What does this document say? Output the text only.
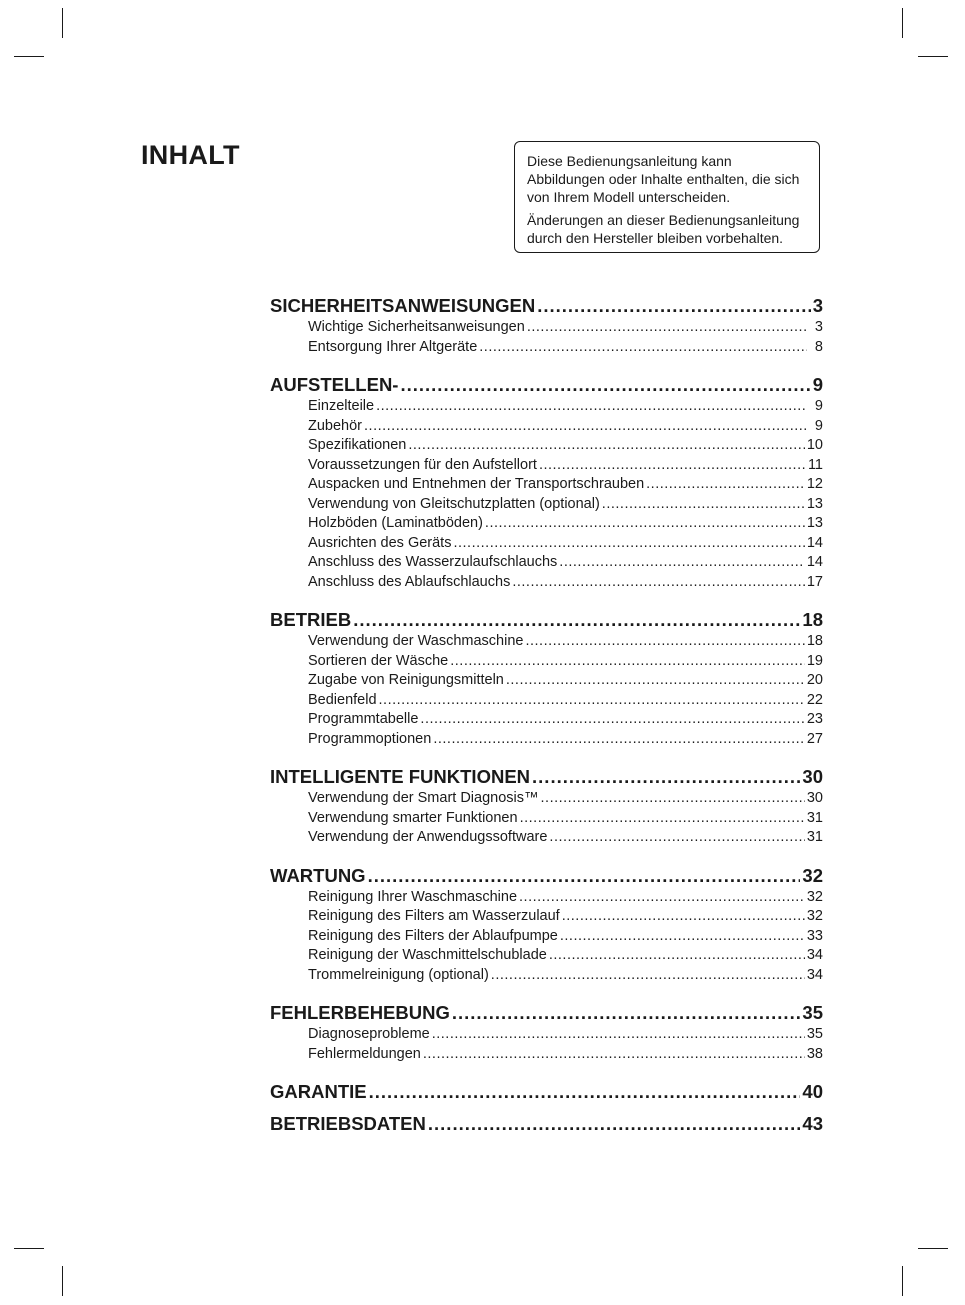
INHALT	Diese Bedienungsanleitung kann Abbildungen oder Inhalte enthalten, die sich von Ihrem Modell unterscheiden.

Änderungen an dieser Bedienungsanleitung durch den Hersteller bleiben vorbehalten.

SICHERHEITSANWEISUNGEN .....	3
Wichtige Sicherheitsanweisungen .....	3
Entsorgung Ihrer Altgeräte .....	8
AUFSTELLEN- .....	9
Einzelteile .....	9
Zubehör .....	9
Spezifikationen .....	10
Voraussetzungen für den Aufstellort .....	11
Auspacken und Entnehmen der Transportschrauben .....	12
Verwendung von Gleitschutzplatten (optional) .....	13
Holzböden (Laminatböden) .....	13
Ausrichten des Geräts .....	14
Anschluss des Wasserzulaufschlauchs .....	14
Anschluss des Ablaufschlauchs .....	17
BETRIEB .....	18
Verwendung der Waschmaschine .....	18
Sortieren der Wäsche .....	19
Zugabe von Reinigungsmitteln .....	20
Bedienfeld .....	22
Programmtabelle .....	23
Programmoptionen .....	27
INTELLIGENTE FUNKTIONEN .....	30
Verwendung der Smart Diagnosis™ .....	30
Verwendung smarter Funktionen .....	31
Verwendung der Anwendugssoftware .....	31
WARTUNG .....	32
Reinigung Ihrer Waschmaschine .....	32
Reinigung des Filters am Wasserzulauf .....	32
Reinigung des Filters der Ablaufpumpe .....	33
Reinigung der Waschmittelschublade .....	34
Trommelreinigung (optional) .....	34
FEHLERBEHEBUNG .....	35
Diagnoseprobleme .....	35
Fehlermeldungen .....	38
GARANTIE .....	40
BETRIEBSDATEN .....	43
